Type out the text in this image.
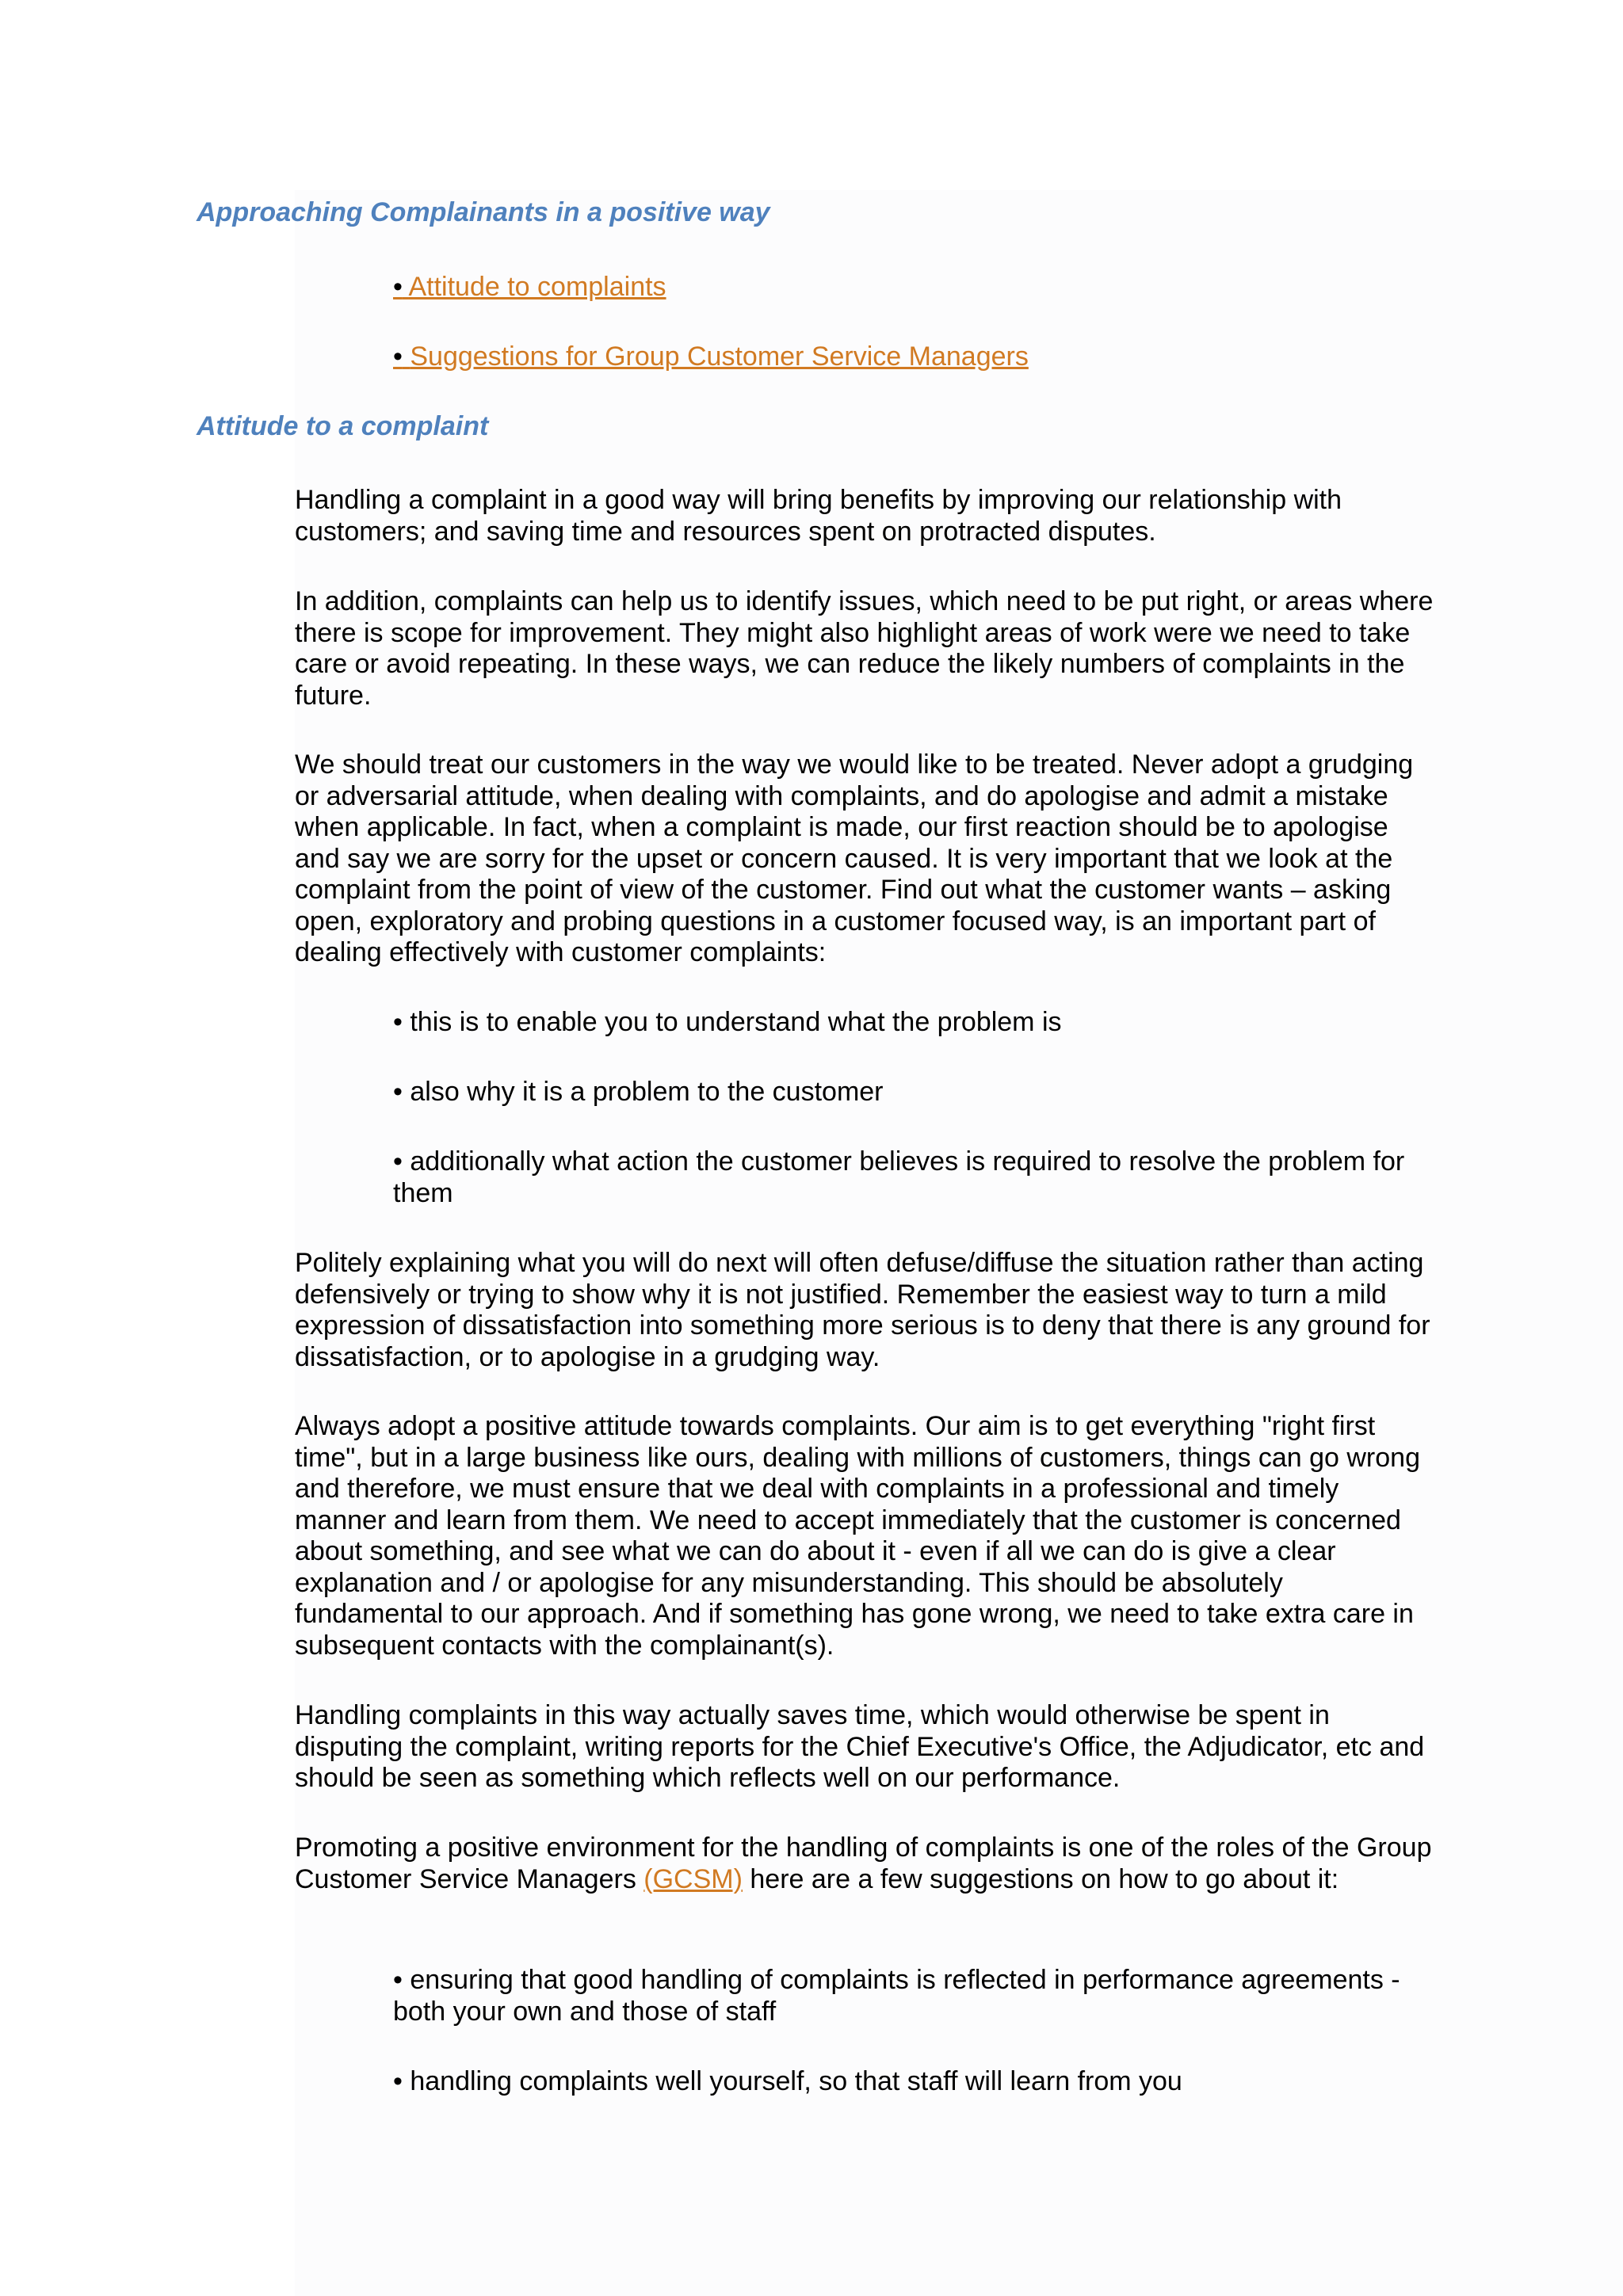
Approaching Complainants in a positive way
• Attitude to complaints
• Suggestions for Group Customer Service Managers
Attitude to a complaint

Handling a complaint in a good way will bring benefits by improving our relationship with customers; and saving time and resources spent on protracted disputes.

In addition, complaints can help us to identify issues, which need to be put right, or areas where there is scope for improvement. They might also highlight areas of work were we need to take care or avoid repeating. In these ways, we can reduce the likely numbers of complaints in the future.

We should treat our customers in the way we would like to be treated. Never adopt a grudging or adversarial attitude, when dealing with complaints, and do apologise and admit a mistake when applicable. In fact, when a complaint is made, our first reaction should be to apologise and say we are sorry for the upset or concern caused. It is very important that we look at the complaint from the point of view of the customer. Find out what the customer wants – asking open, exploratory and probing questions in a customer focused way, is an important part of dealing effectively with customer complaints:

• this is to enable you to understand what the problem is

• also why it is a problem to the customer

• additionally what action the customer believes is required to resolve the problem for them

Politely explaining what you will do next will often defuse/diffuse the situation rather than acting defensively or trying to show why it is not justified. Remember the easiest way to turn a mild expression of dissatisfaction into something more serious is to deny that there is any ground for dissatisfaction, or to apologise in a grudging way.

Always adopt a positive attitude towards complaints. Our aim is to get everything "right first time", but in a large business like ours, dealing with millions of customers, things can go wrong and therefore, we must ensure that we deal with complaints in a professional and timely manner and learn from them. We need to accept immediately that the customer is concerned about something, and see what we can do about it - even if all we can do is give a clear explanation and / or apologise for any misunderstanding. This should be absolutely fundamental to our approach. And if something has gone wrong, we need to take extra care in subsequent contacts with the complainant(s).

Handling complaints in this way actually saves time, which would otherwise be spent in disputing the complaint, writing reports for the Chief Executive's Office, the Adjudicator, etc and should be seen as something which reflects well on our performance.

Promoting a positive environment for the handling of complaints is one of the roles of the Group Customer Service Managers (GCSM) here are a few suggestions on how to go about it:

• ensuring that good handling of complaints is reflected in performance agreements - both your own and those of staff

• handling complaints well yourself, so that staff will learn from you
